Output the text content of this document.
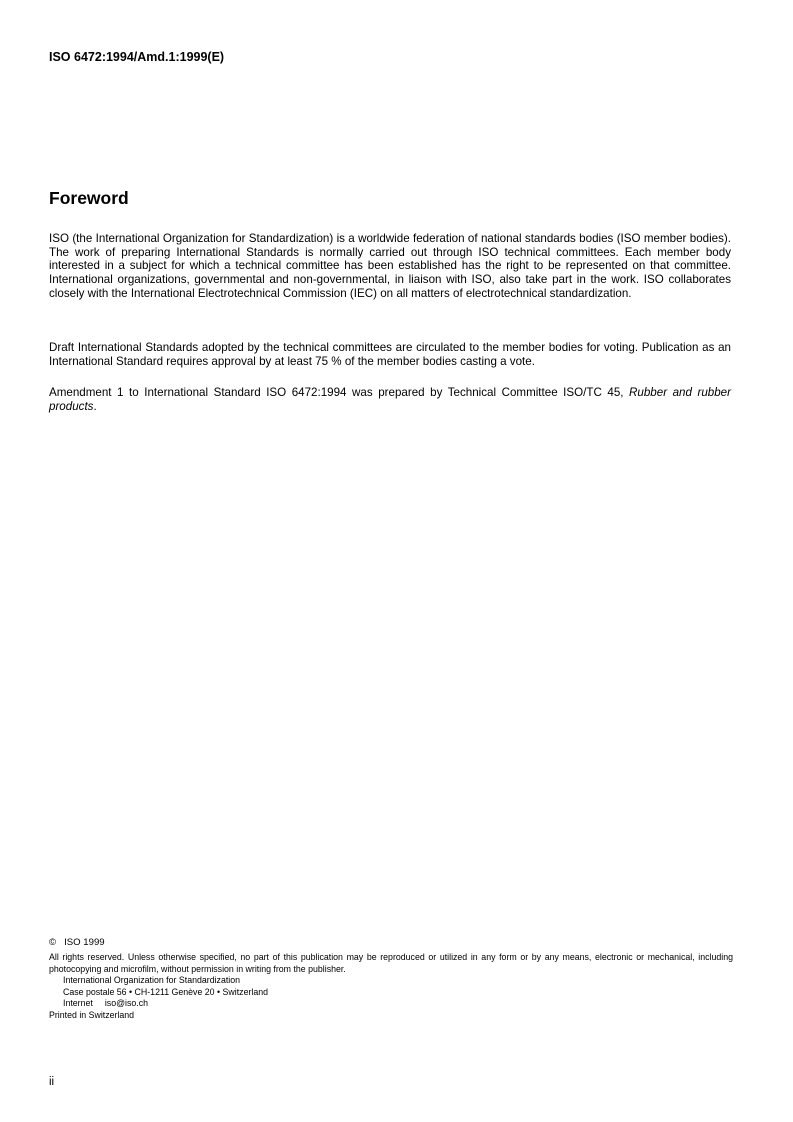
ISO 6472:1994/Amd.1:1999(E)
Foreword

ISO (the International Organization for Standardization) is a worldwide federation of national standards bodies (ISO member bodies). The work of preparing International Standards is normally carried out through ISO technical committees. Each member body interested in a subject for which a technical committee has been established has the right to be represented on that committee. International organizations, governmental and non-governmental, in liaison with ISO, also take part in the work. ISO collaborates closely with the International Electrotechnical Commission (IEC) on all matters of electrotechnical standardization.

Draft International Standards adopted by the technical committees are circulated to the member bodies for voting. Publication as an International Standard requires approval by at least 75 % of the member bodies casting a vote.

Amendment 1 to International Standard ISO 6472:1994 was prepared by Technical Committee ISO/TC 45, Rubber and rubber products.

© ISO 1999
All rights reserved. Unless otherwise specified, no part of this publication may be reproduced or utilized in any form or by any means, electronic or mechanical, including photocopying and microfilm, without permission in writing from the publisher.
International Organization for Standardization
Case postale 56 • CH-1211 Genève 20 • Switzerland
Internet iso@iso.ch
Printed in Switzerland
ii
